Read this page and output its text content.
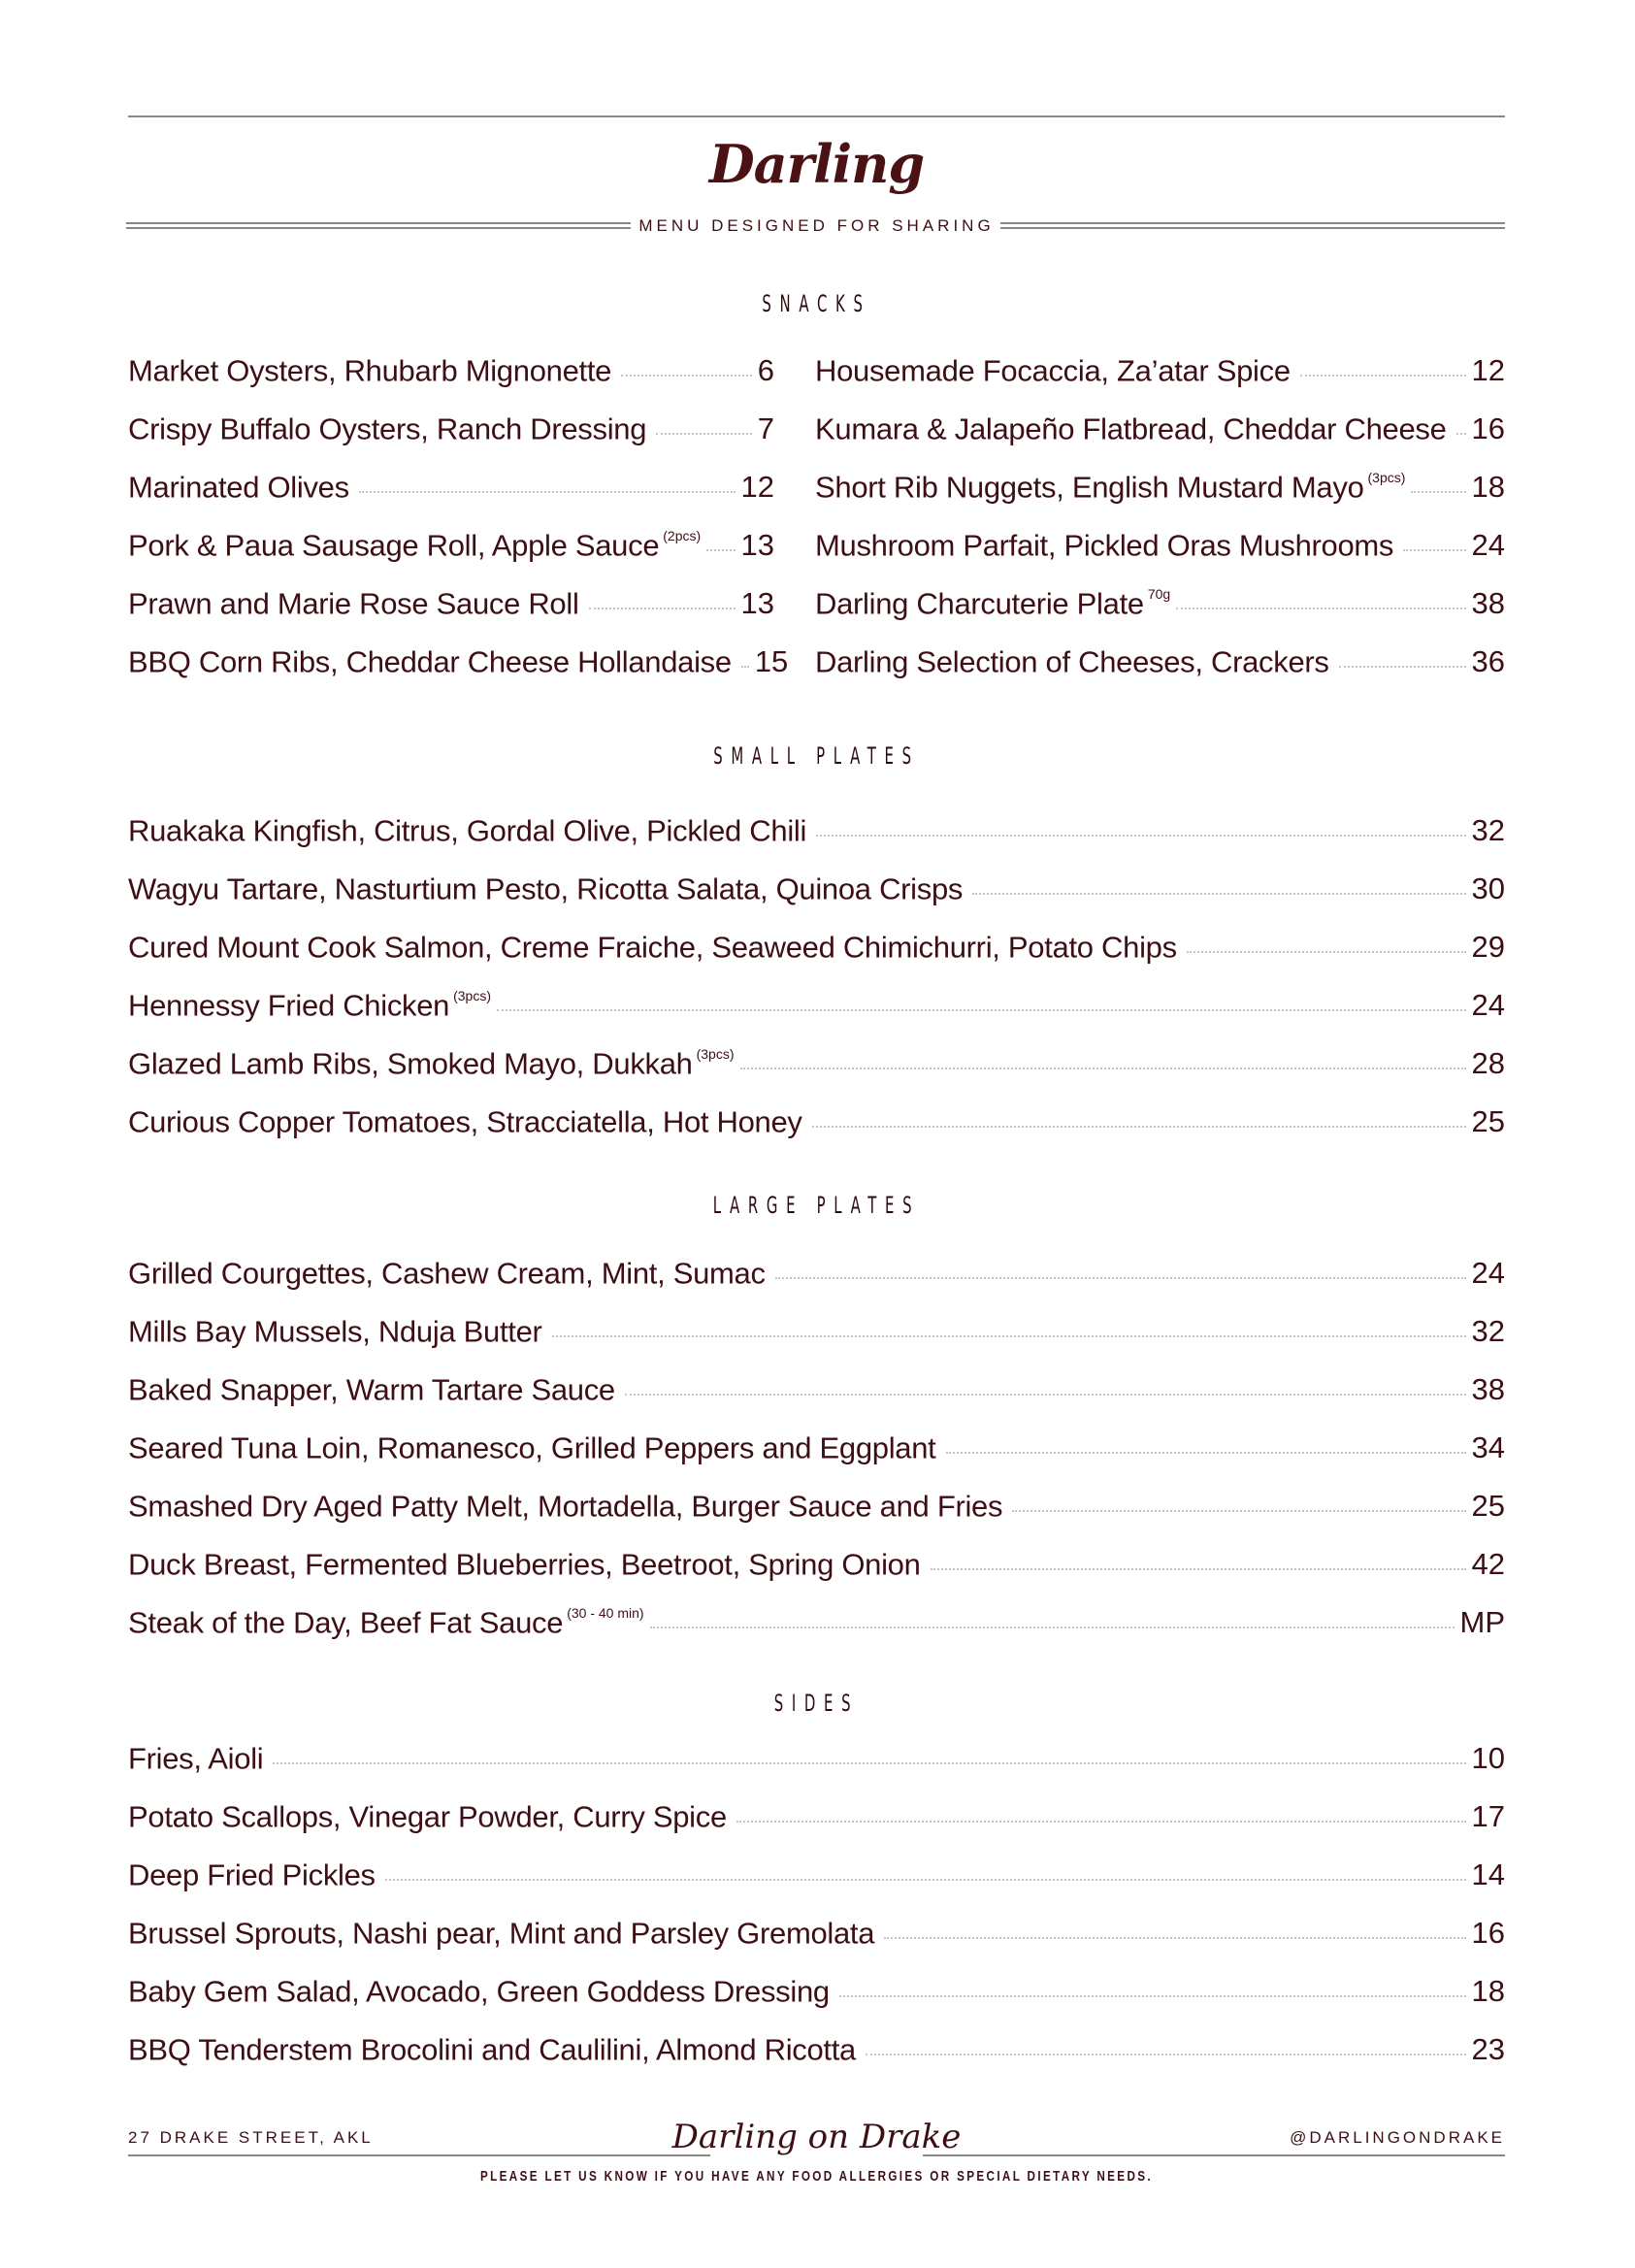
Darling
MENU DESIGNED FOR SHARING
SNACKS
Market Oysters, Rhubarb Mignonette	6
Crispy Buffalo Oysters, Ranch Dressing	7
Marinated Olives	12
Pork & Paua Sausage Roll, Apple Sauce $^{(2pcs)}$ 13
Prawn and Marie Rose Sauce Roll	13
BBQ Corn Ribs, Cheddar Cheese Hollandaise 15
Housemade Focaccia, Za’atar Spice	12
Kumara & Jalapeño Flatbread, Cheddar Cheese 16
Short Rib Nuggets, English Mustard Mayo $^{(3pcs)}$ 18
Mushroom Parfait, Pickled Oras Mushrooms	24
Darling Charcuterie Plate $^{70g}$	38
Darling Selection of Cheeses, Crackers	36
SMALL PLATES
Ruakaka Kingfish, Citrus, Gordal Olive, Pickled Chili	32
Wagyu Tartare, Nasturtium Pesto, Ricotta Salata, Quinoa Crisps	30
Cured Mount Cook Salmon, Creme Fraiche, Seaweed Chimichurri, Potato Chips	29
Hennessy Fried Chicken $^{(3pcs)}$	24
Glazed Lamb Ribs, Smoked Mayo, Dukkah $^{(3pcs)}$	28
Curious Copper Tomatoes, Stracciatella, Hot Honey	25
LARGE PLATES
Grilled Courgettes, Cashew Cream, Mint, Sumac	24
Mills Bay Mussels, Nduja Butter	32
Baked Snapper, Warm Tartare Sauce	38
Seared Tuna Loin, Romanesco, Grilled Peppers and Eggplant	34
Smashed Dry Aged Patty Melt, Mortadella, Burger Sauce and Fries	25
Duck Breast, Fermented Blueberries, Beetroot, Spring Onion	42
Steak of the Day, Beef Fat Sauce $^{(30 - 40 min)}$	MP
SIDES
Fries, Aioli	10
Potato Scallops, Vinegar Powder, Curry Spice	17
Deep Fried Pickles	14
Brussel Sprouts, Nashi pear, Mint and Parsley Gremolata	16
Baby Gem Salad, Avocado, Green Goddess Dressing	18
BBQ Tenderstem Brocolini and Caulilini, Almond Ricotta	23
27 DRAKE STREET, AKL	@DARLINGONDRAKE
Darling on Drake
PLEASE LET US KNOW IF YOU HAVE ANY FOOD ALLERGIES OR SPECIAL DIETARY NEEDS.
